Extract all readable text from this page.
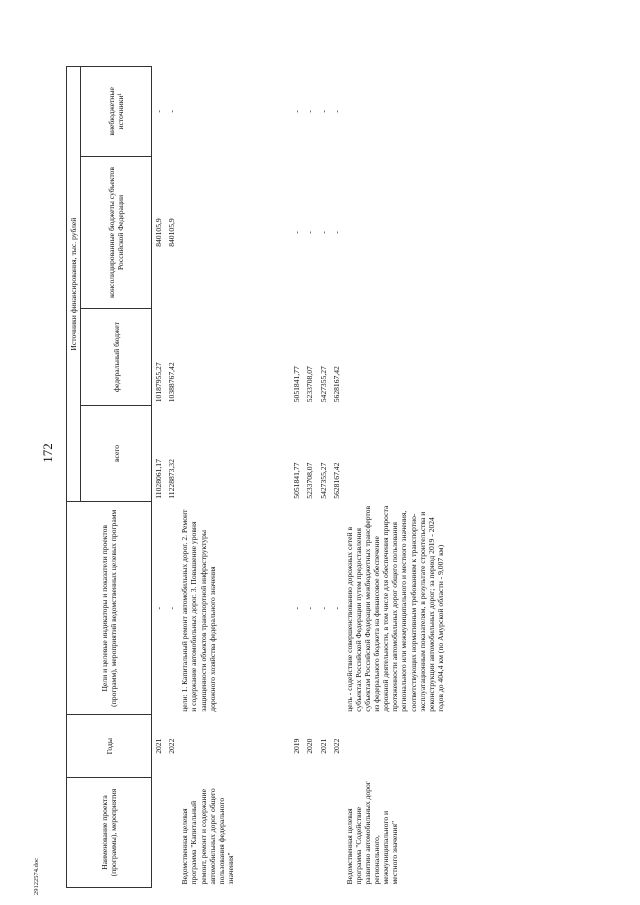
172
29122574.doc
Наименование проекта (программы), мероприятия	Годы	Цели и целевые индикаторы и показатели проектов (программ), мероприятий ведомственных целевых программ	Источники финансирования, тыс. рублей			
			всего	федеральный бюджет	консолидированные бюджеты субъектов Российской Федерации	внебюджетные источники¹
	2021	-	11028061,17	10187955,27	840105,9	-
	2022	-	11228873,32	10388767,42	840105,9	-
Ведомственная целевая программа "Капитальный ремонт, ремонт и содержание автомобильных дорог общего пользования федерального значения"		цели: 1. Капитальный ремонт автомобильных дорог. 2. Ремонт и содержание автомобильных дорог. 3. Повышение уровня защищенности объектов транспортной инфраструктуры дорожного хозяйства федерального значения				
	2019	-	5051841,77	5051841,77	-	-
	2020	-	5233708,07	5233708,07	-	-
	2021	-	5427355,27	5427355,27	-	-
	2022	-	5628167,42	5628167,42	-	-
Ведомственная целевая программа "Содействие развитию автомобильных дорог регионального, межмуниципального и местного значения"		цель - содействие совершенствованию дорожных сетей в субъектах Российской Федерации путем предоставления субъектам Российской Федерации межбюджетных трансфертов из федерального бюджета на финансовое обеспечение дорожной деятельности, в том числе для обеспечения прироста протяженности автомобильных дорог общего пользования регионального или межмуниципального и местного значения, соответствующих нормативным требованиям к транспортно-эксплуатационным показателям, в результате строительства и реконструкции автомобильных дорог; за период 2019 - 2024 годов до 404,4 км (по Амурской области - 9,007 км)				
